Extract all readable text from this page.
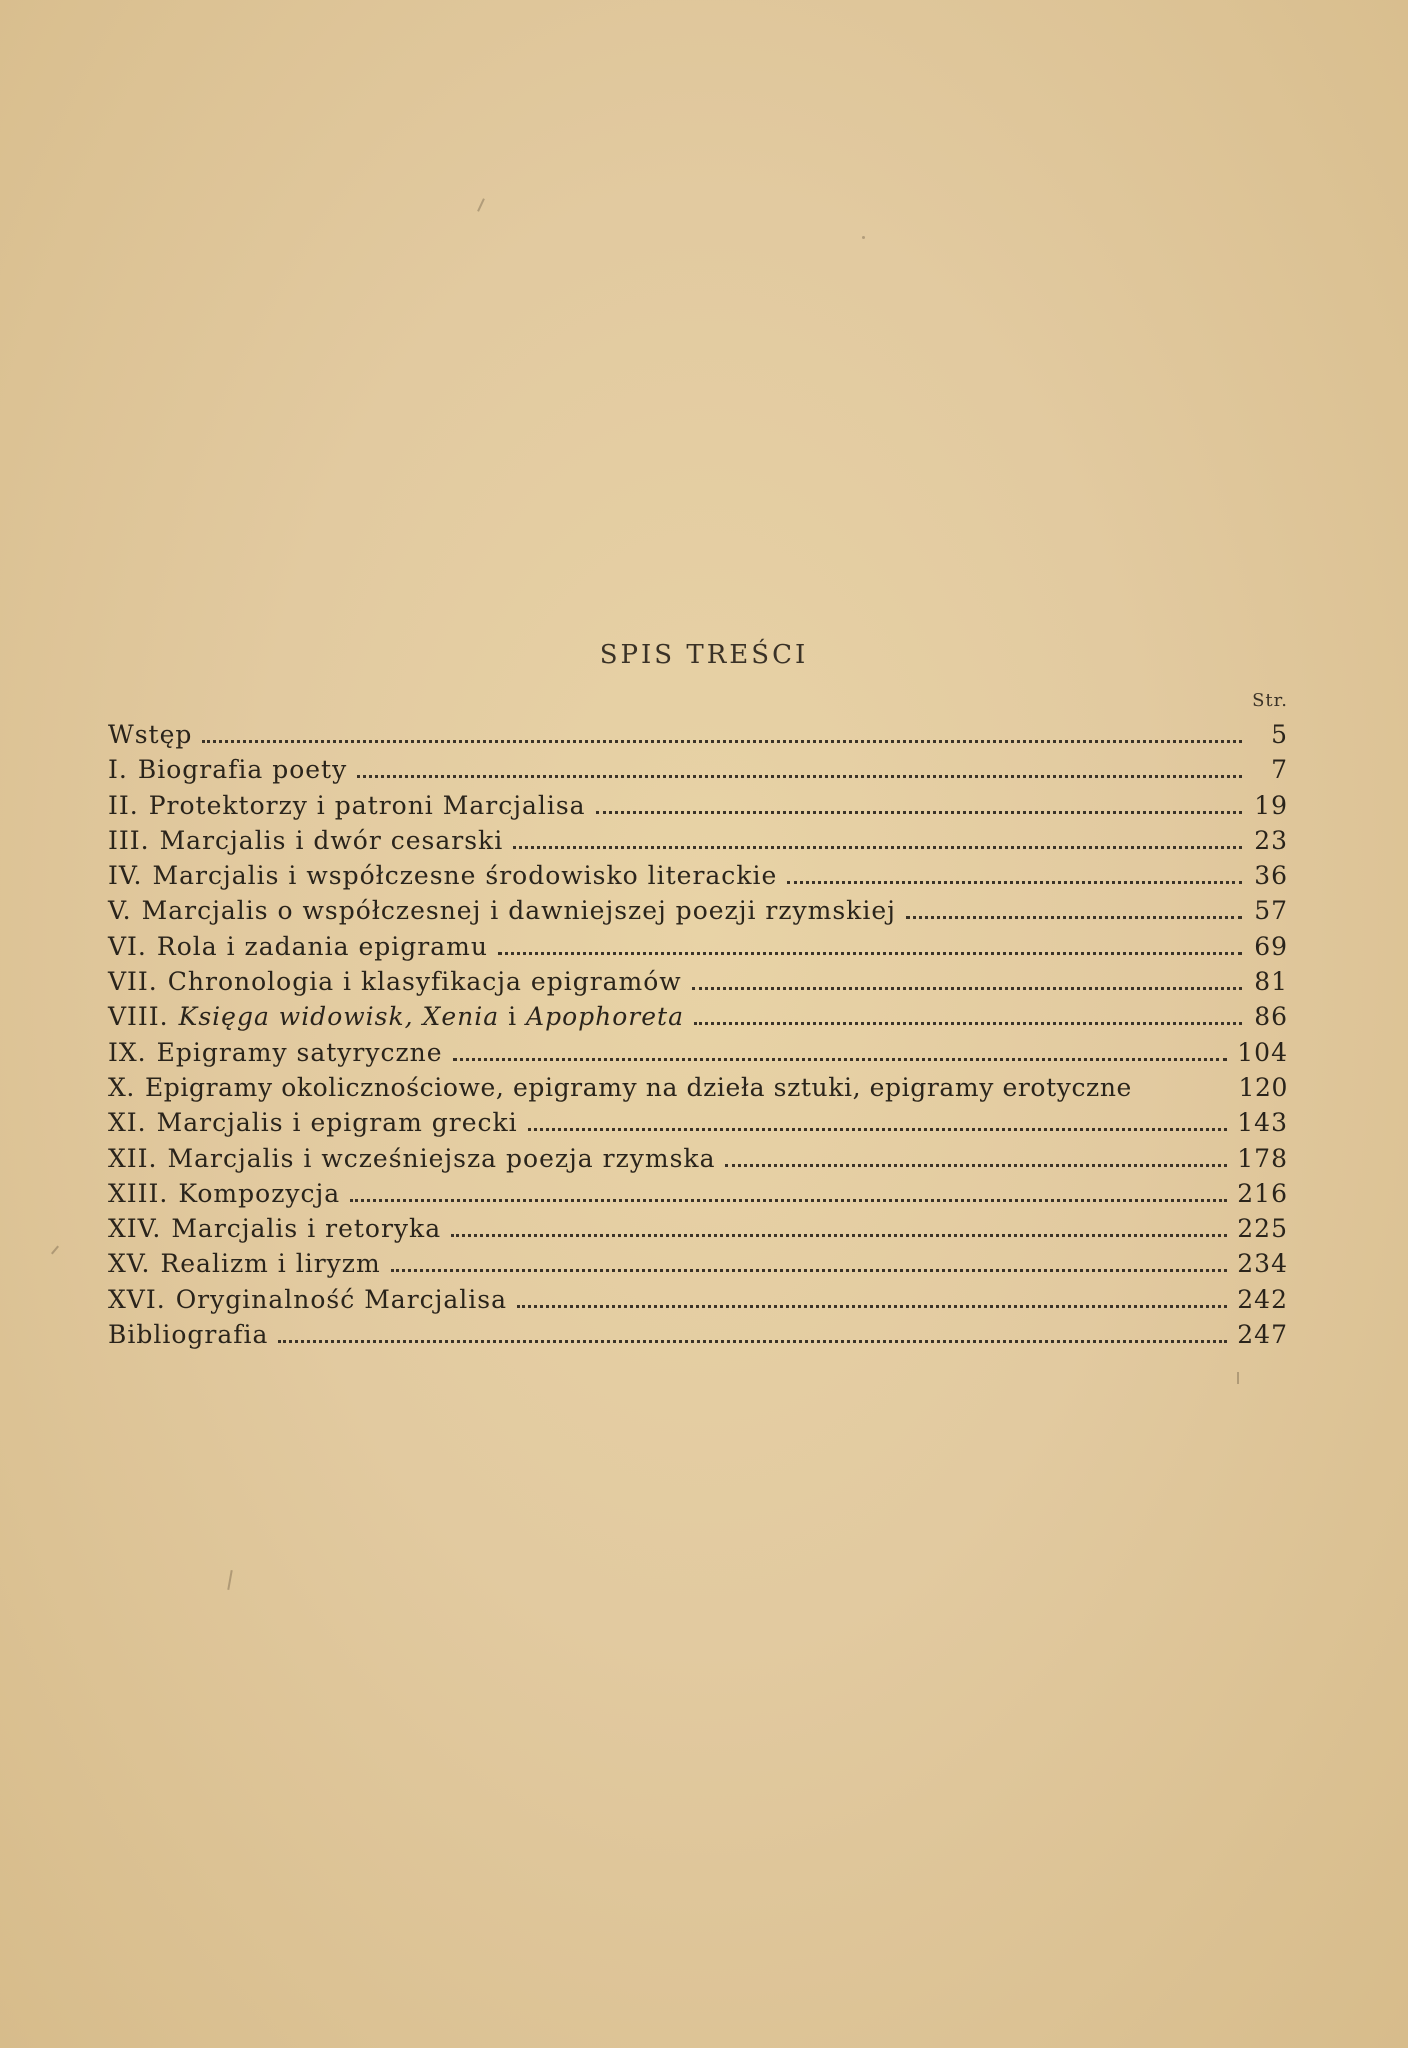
SPIS TREŚCI
Str.
Wstęp	5
I. Biografia poety	7
II. Protektorzy i patroni Marcjalisa	19
III. Marcjalis i dwór cesarski	23
IV. Marcjalis i współczesne środowisko literackie	36
V. Marcjalis o współczesnej i dawniejszej poezji rzymskiej	57
VI. Rola i zadania epigramu	69
VII. Chronologia i klasyfikacja epigramów	81
VIII. Księga widowisk, Xenia i Apophoreta	86
IX. Epigramy satyryczne	104
X. Epigramy okolicznościowe, epigramy na dzieła sztuki, epigramy erotyczne	120
XI. Marcjalis i epigram grecki	143
XII. Marcjalis i wcześniejsza poezja rzymska	178
XIII. Kompozycja	216
XIV. Marcjalis i retoryka	225
XV. Realizm i liryzm	234
XVI. Oryginalność Marcjalisa	242
Bibliografia	247
